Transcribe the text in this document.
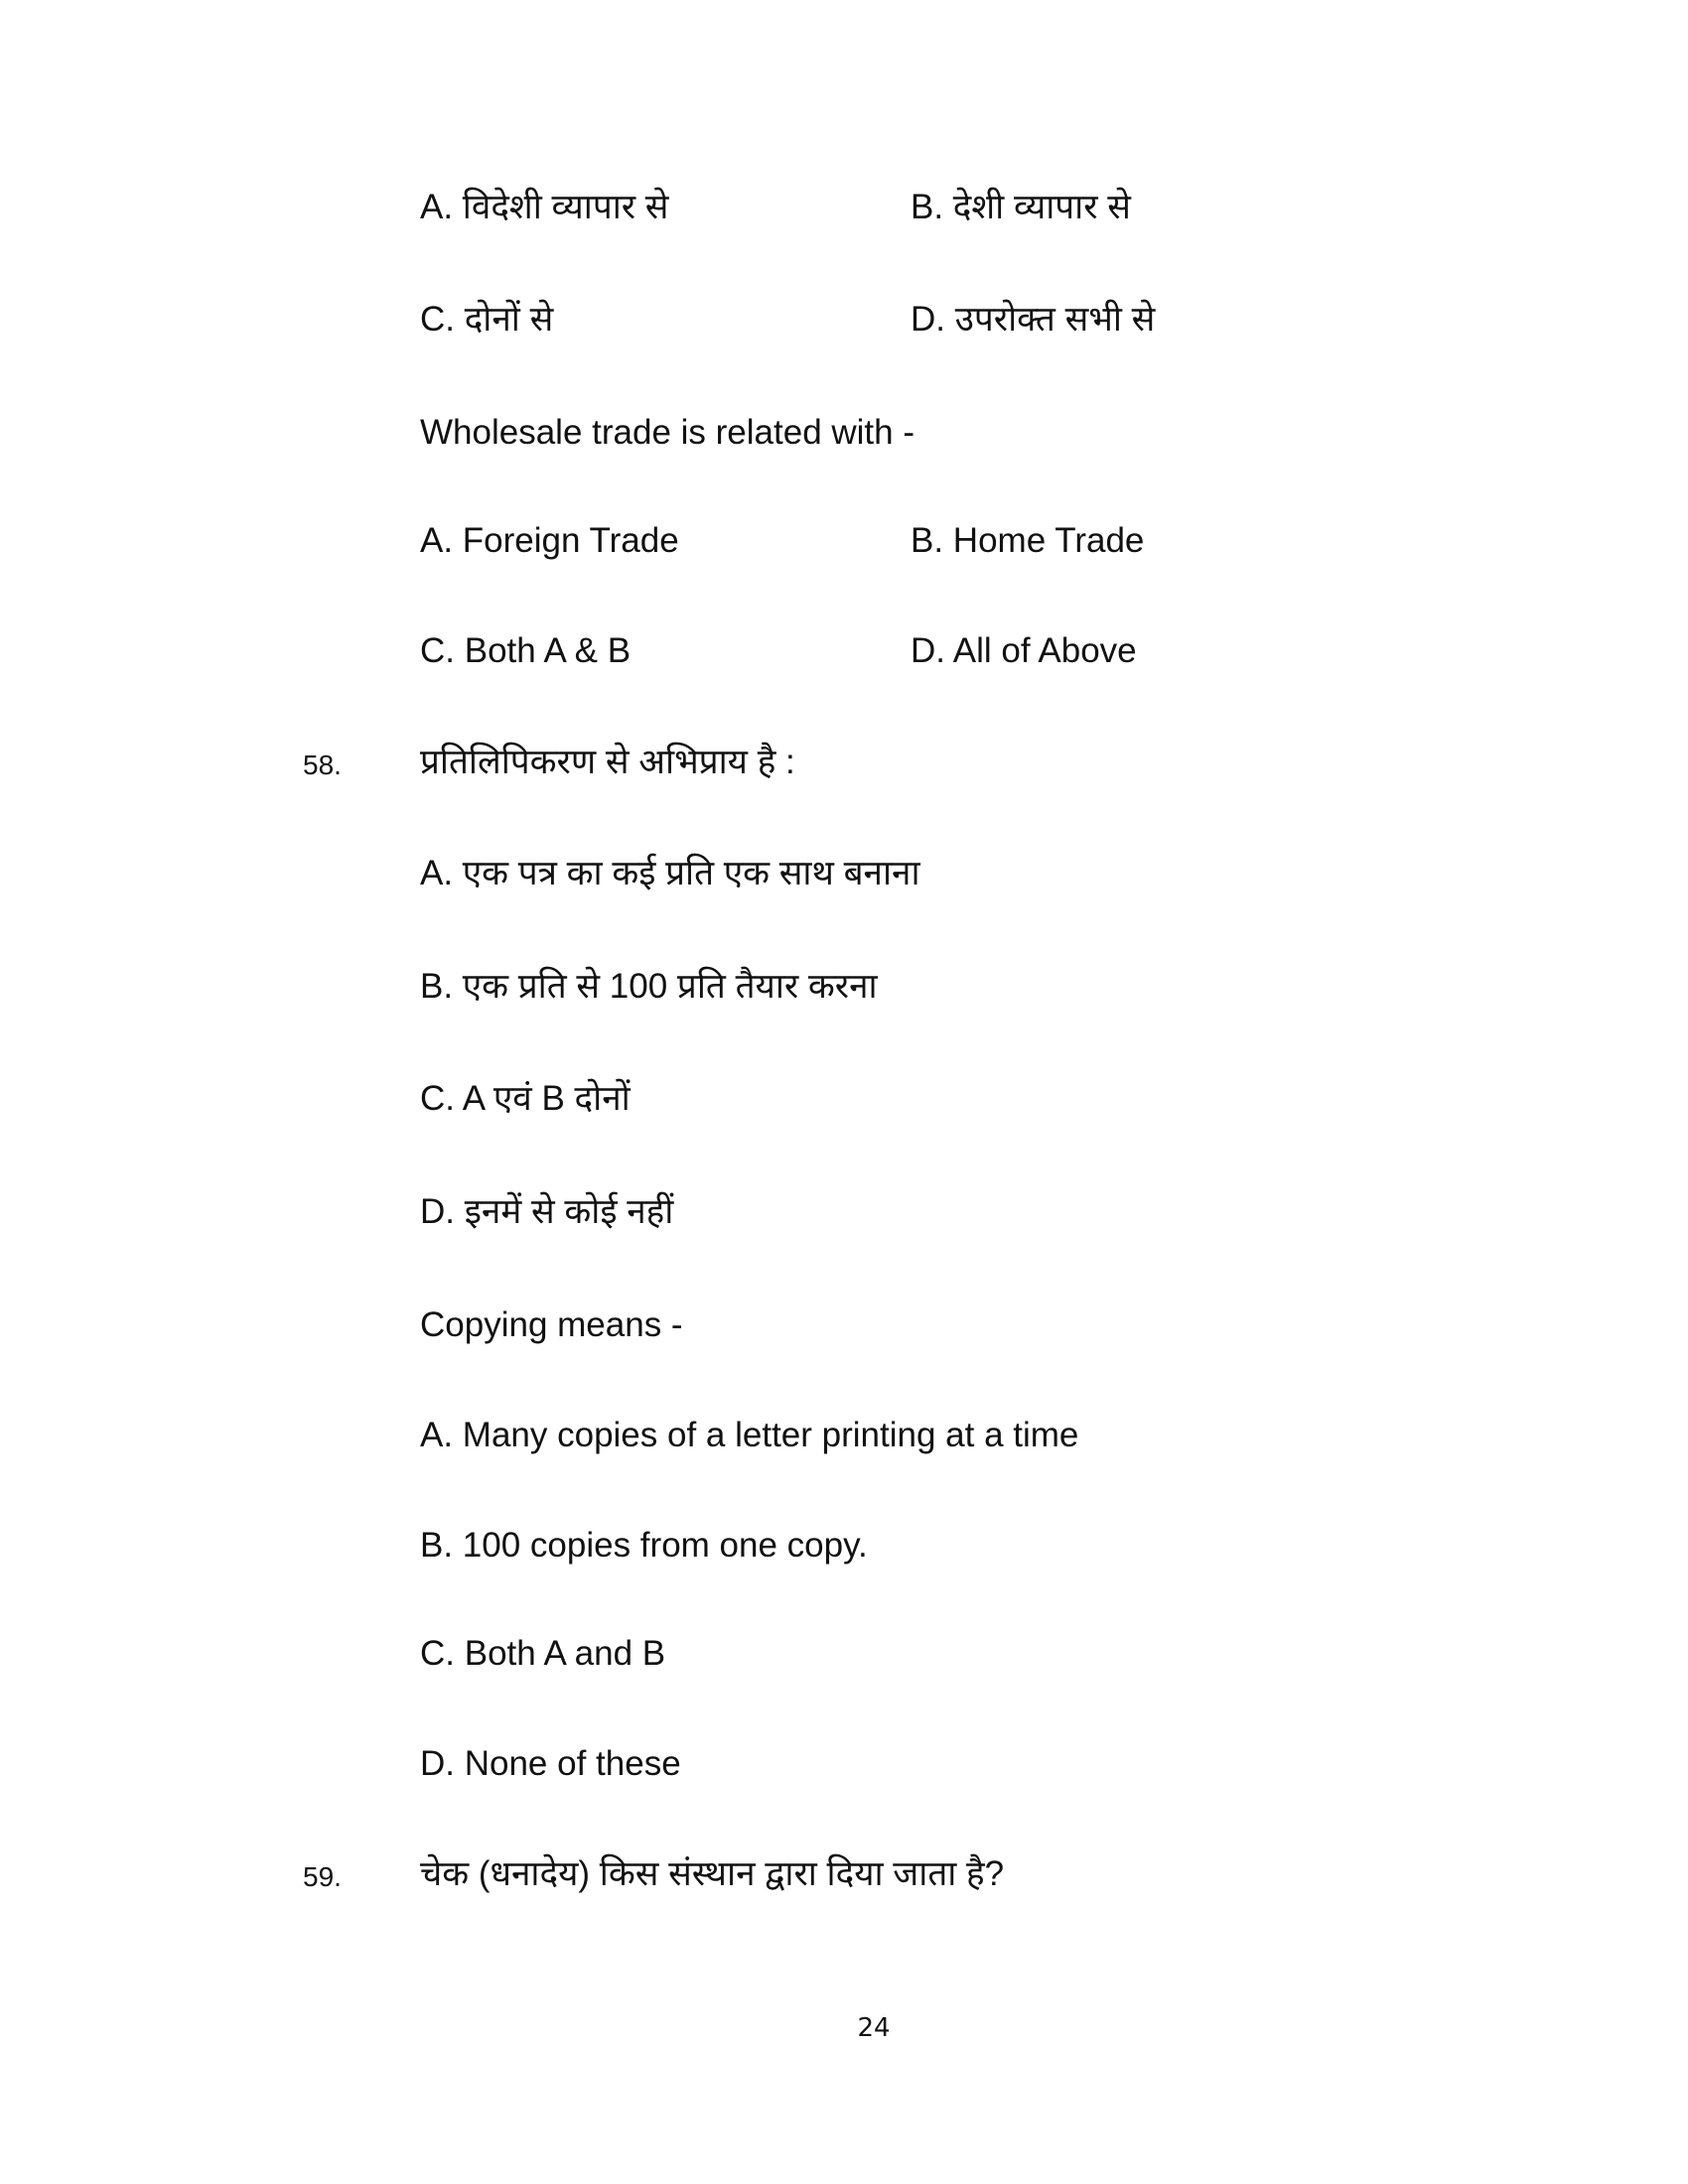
A. विदेशी व्यापार से	B. देशी व्यापार से

C. दोनों से	D. उपरोक्त सभी से

Wholesale trade is related with -

A. Foreign Trade	B. Home Trade

C. Both A & B	D. All of Above

58. प्रतिलिपिकरण से अभिप्राय है :

A. एक पत्र का कई प्रति एक साथ बनाना

B. एक प्रति से 100 प्रति तैयार करना

C. A एवं B दोनों

D. इनमें से कोई नहीं

Copying means -

A. Many copies of a letter printing at a time

B. 100 copies from one copy.

C. Both A and B

D. None of these

59. चेक (धनादेय) किस संस्थान द्वारा दिया जाता है?

24
